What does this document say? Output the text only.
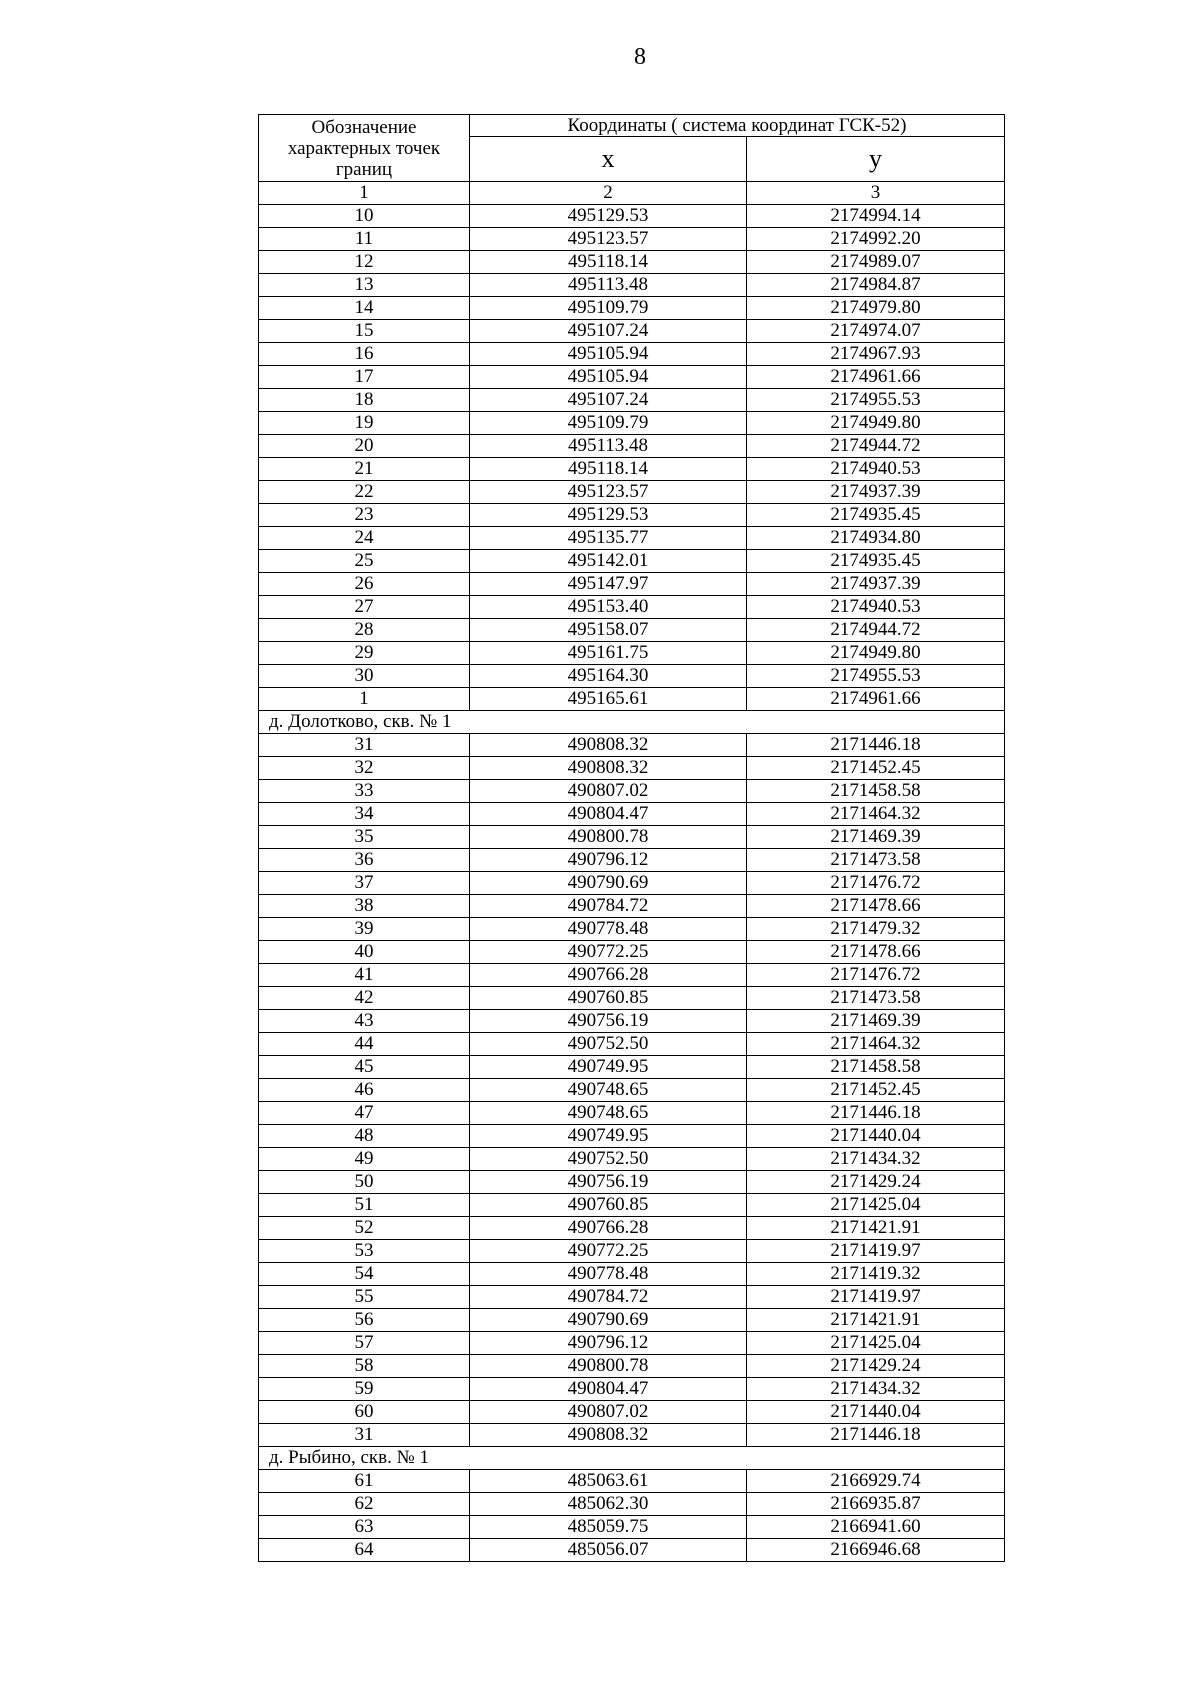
8
Обозначение характерных точек границ	Координаты ( система координат ГСК-52)	
	x	y
1	2	3
10	495129.53	2174994.14
11	495123.57	2174992.20
12	495118.14	2174989.07
13	495113.48	2174984.87
14	495109.79	2174979.80
15	495107.24	2174974.07
16	495105.94	2174967.93
17	495105.94	2174961.66
18	495107.24	2174955.53
19	495109.79	2174949.80
20	495113.48	2174944.72
21	495118.14	2174940.53
22	495123.57	2174937.39
23	495129.53	2174935.45
24	495135.77	2174934.80
25	495142.01	2174935.45
26	495147.97	2174937.39
27	495153.40	2174940.53
28	495158.07	2174944.72
29	495161.75	2174949.80
30	495164.30	2174955.53
1	495165.61	2174961.66
д. Долотково, скв. № 1		
31	490808.32	2171446.18
32	490808.32	2171452.45
33	490807.02	2171458.58
34	490804.47	2171464.32
35	490800.78	2171469.39
36	490796.12	2171473.58
37	490790.69	2171476.72
38	490784.72	2171478.66
39	490778.48	2171479.32
40	490772.25	2171478.66
41	490766.28	2171476.72
42	490760.85	2171473.58
43	490756.19	2171469.39
44	490752.50	2171464.32
45	490749.95	2171458.58
46	490748.65	2171452.45
47	490748.65	2171446.18
48	490749.95	2171440.04
49	490752.50	2171434.32
50	490756.19	2171429.24
51	490760.85	2171425.04
52	490766.28	2171421.91
53	490772.25	2171419.97
54	490778.48	2171419.32
55	490784.72	2171419.97
56	490790.69	2171421.91
57	490796.12	2171425.04
58	490800.78	2171429.24
59	490804.47	2171434.32
60	490807.02	2171440.04
31	490808.32	2171446.18
д. Рыбино, скв. № 1		
61	485063.61	2166929.74
62	485062.30	2166935.87
63	485059.75	2166941.60
64	485056.07	2166946.68
